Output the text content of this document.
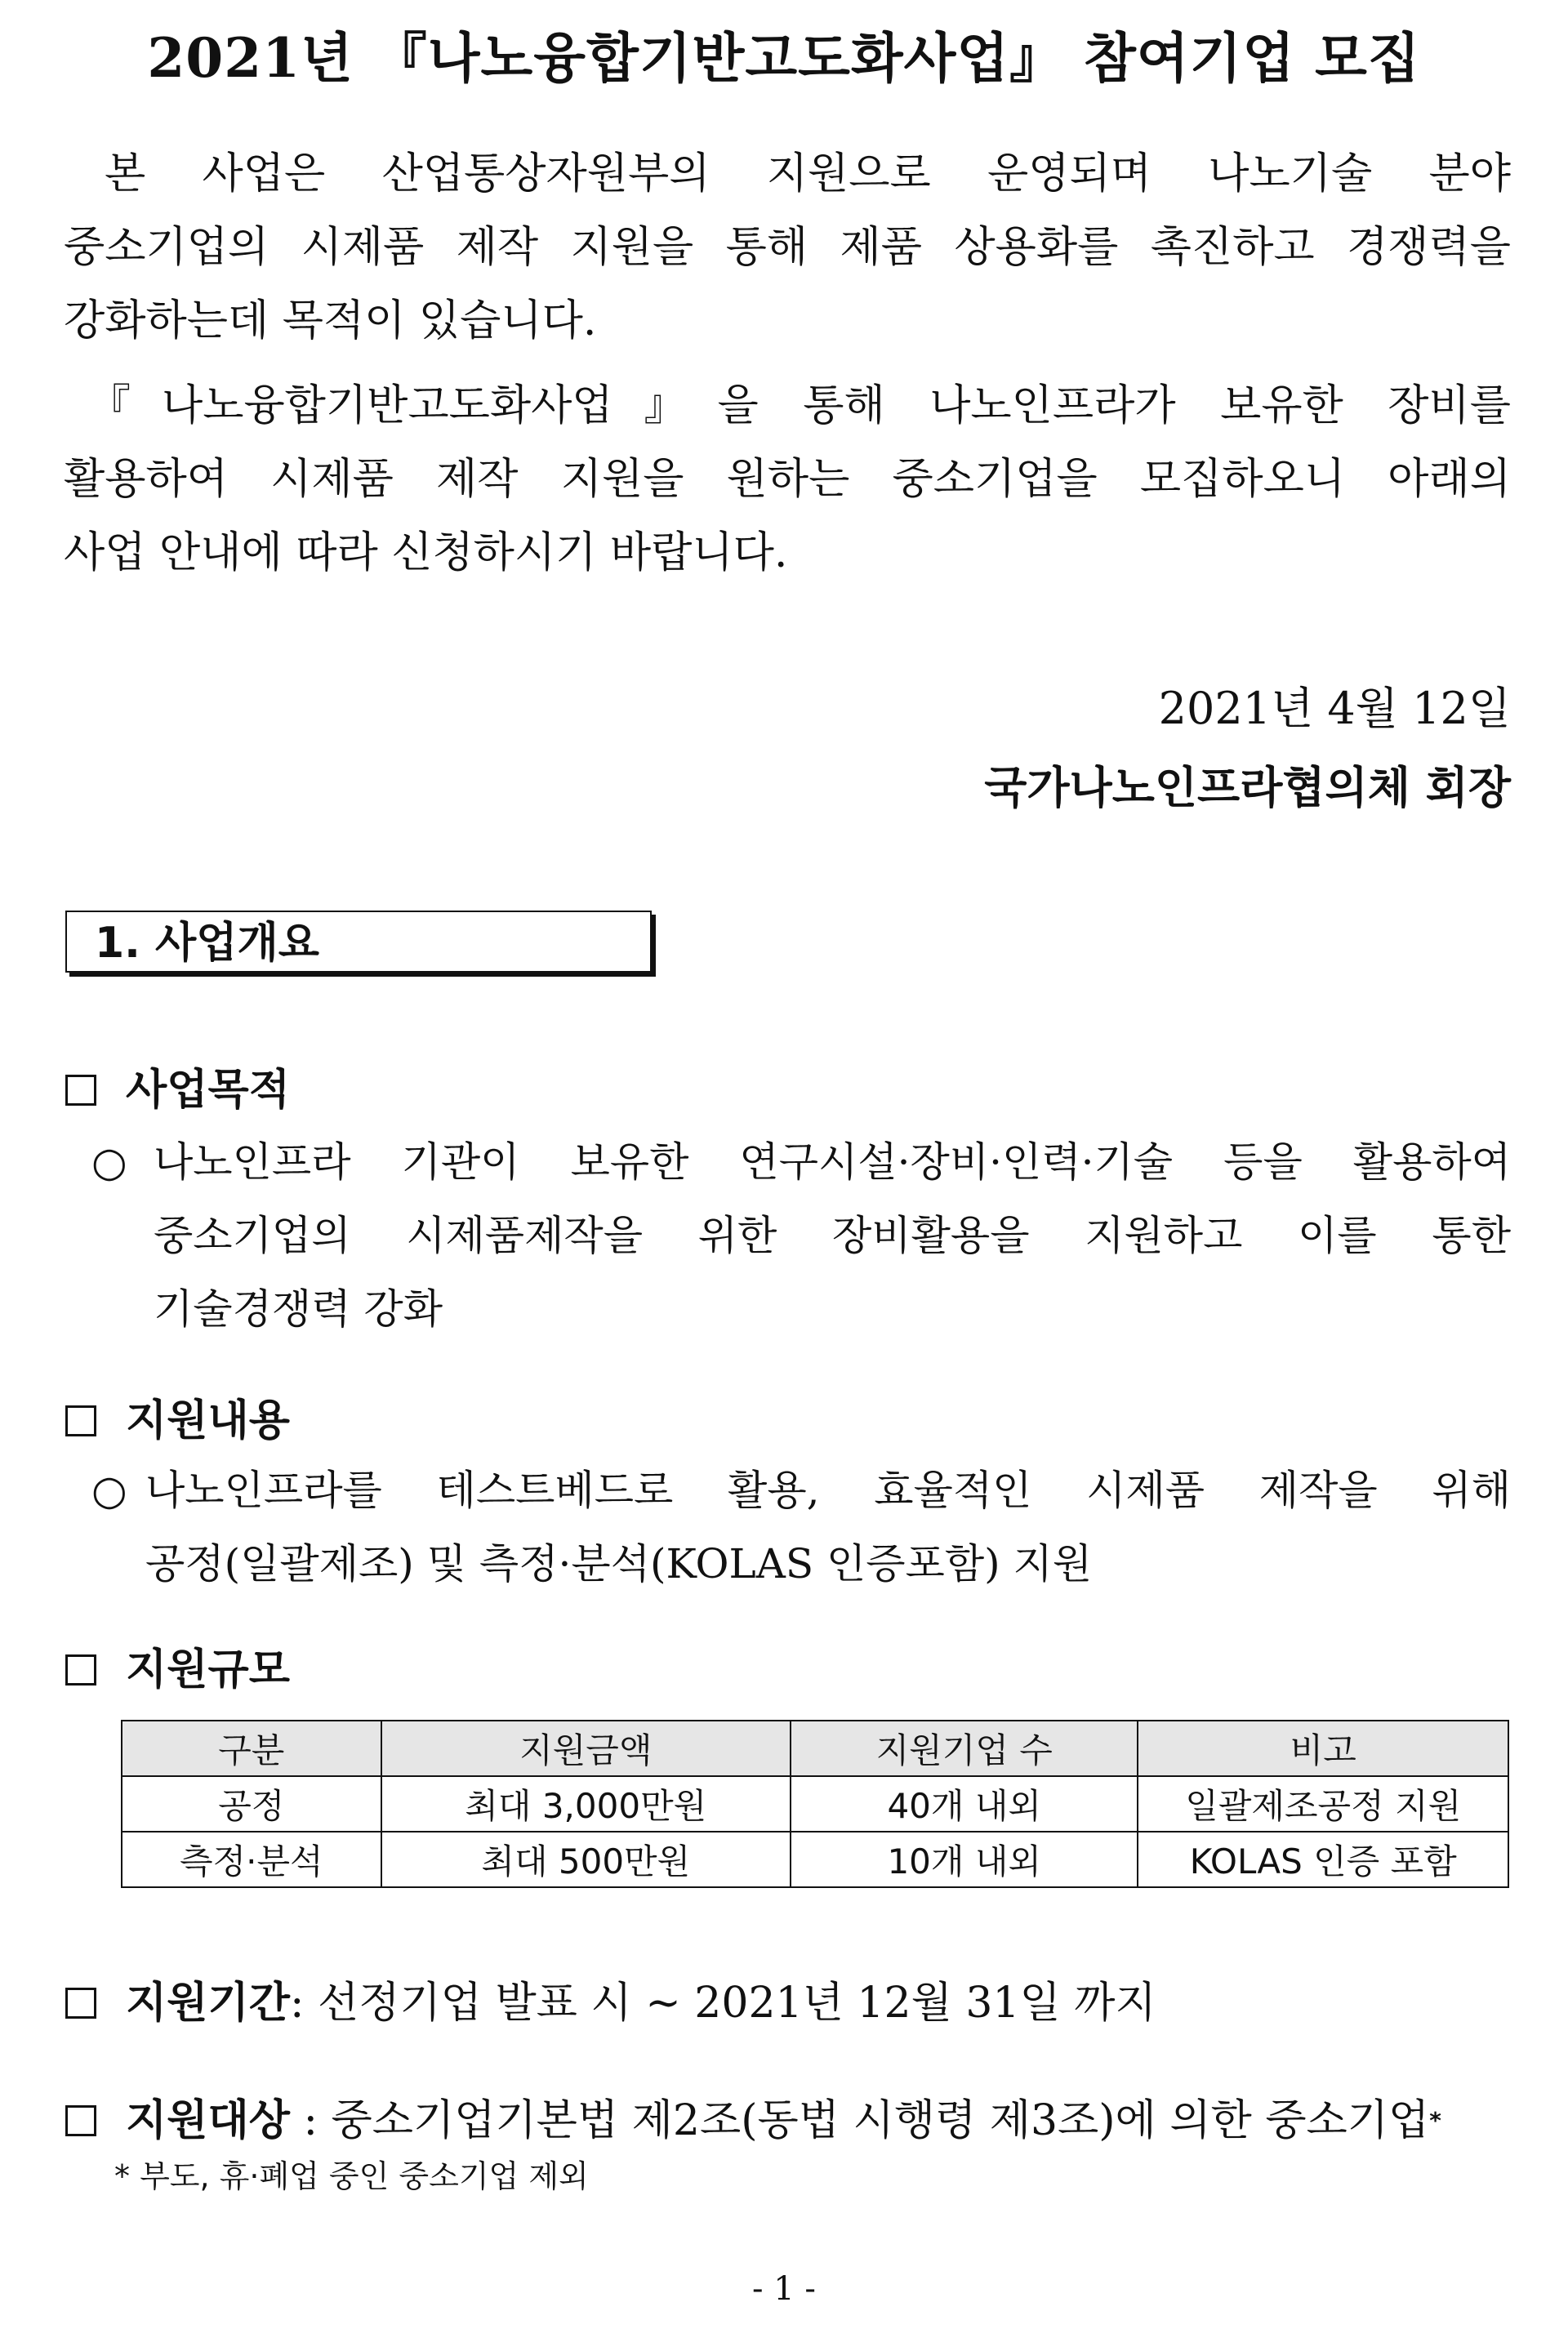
2021년 『나노융합기반고도화사업』 참여기업 모집
본 사업은 산업통상자원부의 지원으로 운영되며 나노기술 분야
중소기업의 시제품 제작 지원을 통해 제품 상용화를 촉진하고 경쟁력을
강화하는데 목적이 있습니다.
『나노융합기반고도화사업』을 통해 나노인프라가 보유한 장비를
활용하여 시제품 제작 지원을 원하는 중소기업을 모집하오니 아래의
사업 안내에 따라 신청하시기 바랍니다.
2021년 4월 12일
국가나노인프라협의체 회장
1. 사업개요
사업목적
○ 나노인프라 기관이 보유한 연구시설·장비·인력·기술 등을 활용하여
중소기업의 시제품제작을 위한 장비활용을 지원하고 이를 통한
기술경쟁력 강화
지원내용
○ 나노인프라를 테스트베드로 활용, 효율적인 시제품 제작을 위해
공정(일괄제조) 및 측정·분석(KOLAS 인증포함) 지원
지원규모
구분	지원금액	지원기업 수	비고
공정	최대 3,000만원	40개 내외	일괄제조공정 지원
측정·분석	최대 500만원	10개 내외	KOLAS 인증 포함
지원기간 : 선정기업 발표 시 ~ 2021년 12월 31일 까지
지원대상 : 중소기업기본법 제2조(동법 시행령 제3조)에 의한 중소기업 *
* 부도, 휴·폐업 중인 중소기업 제외
- 1 -
